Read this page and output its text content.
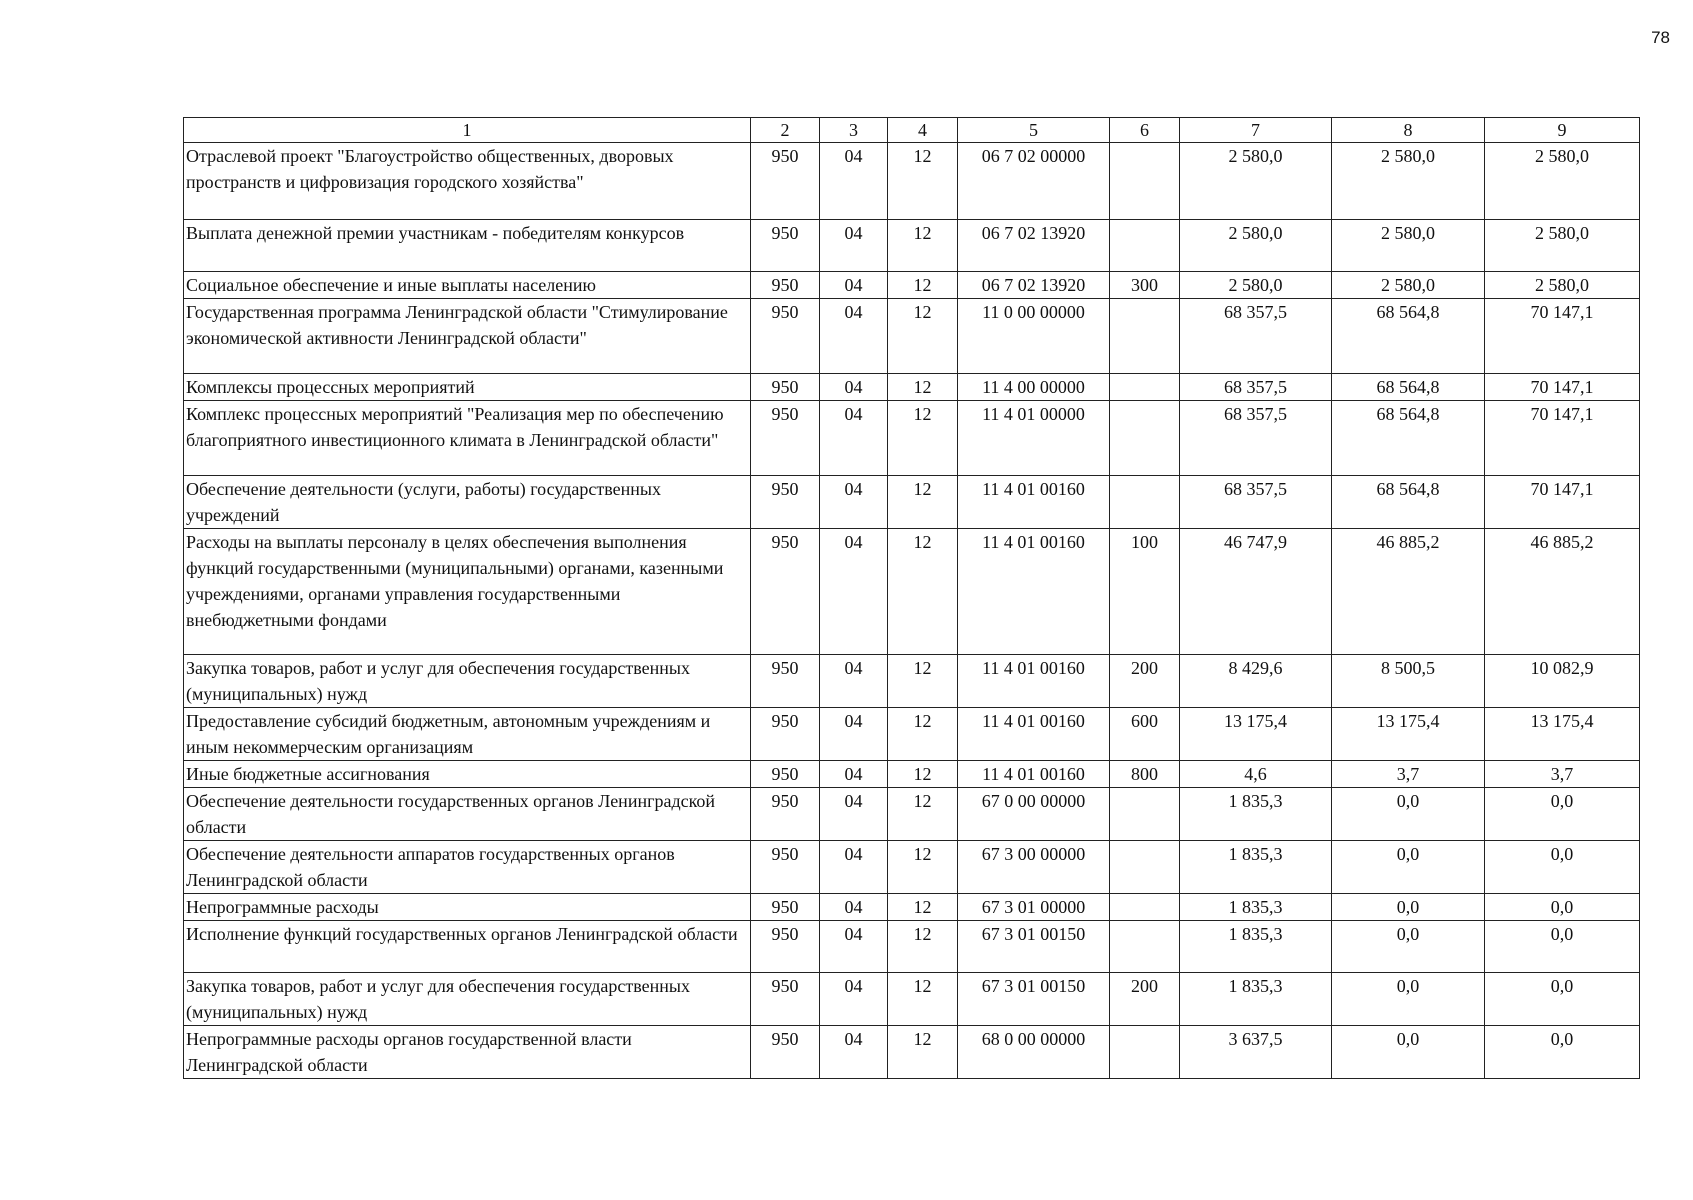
78
1	2	3	4	5	6	7	8	9
Отраслевой проект "Благоустройство общественных, дворовых пространств и цифровизация городского хозяйства"	950	04	12	06 7 02 00000		2 580,0	2 580,0	2 580,0
Выплата денежной премии участникам - победителям конкурсов	950	04	12	06 7 02 13920		2 580,0	2 580,0	2 580,0
Социальное обеспечение и иные выплаты населению	950	04	12	06 7 02 13920	300	2 580,0	2 580,0	2 580,0
Государственная программа Ленинградской области "Стимулирование экономической активности Ленинградской области"	950	04	12	11 0 00 00000		68 357,5	68 564,8	70 147,1
Комплексы процессных мероприятий	950	04	12	11 4 00 00000		68 357,5	68 564,8	70 147,1
Комплекс процессных мероприятий "Реализация мер по обеспечению благоприятного инвестиционного климата в Ленинградской области"	950	04	12	11 4 01 00000		68 357,5	68 564,8	70 147,1
Обеспечение деятельности (услуги, работы) государственных учреждений	950	04	12	11 4 01 00160		68 357,5	68 564,8	70 147,1
Расходы на выплаты персоналу в целях обеспечения выполнения функций государственными (муниципальными) органами, казенными учреждениями, органами управления государственными внебюджетными фондами	950	04	12	11 4 01 00160	100	46 747,9	46 885,2	46 885,2
Закупка товаров, работ и услуг для обеспечения государственных (муниципальных) нужд	950	04	12	11 4 01 00160	200	8 429,6	8 500,5	10 082,9
Предоставление субсидий бюджетным, автономным учреждениям и иным некоммерческим организациям	950	04	12	11 4 01 00160	600	13 175,4	13 175,4	13 175,4
Иные бюджетные ассигнования	950	04	12	11 4 01 00160	800	4,6	3,7	3,7
Обеспечение деятельности государственных органов Ленинградской области	950	04	12	67 0 00 00000		1 835,3	0,0	0,0
Обеспечение деятельности аппаратов государственных органов Ленинградской области	950	04	12	67 3 00 00000		1 835,3	0,0	0,0
Непрограммные расходы	950	04	12	67 3 01 00000		1 835,3	0,0	0,0
Исполнение функций государственных органов Ленинградской области	950	04	12	67 3 01 00150		1 835,3	0,0	0,0
Закупка товаров, работ и услуг для обеспечения государственных (муниципальных) нужд	950	04	12	67 3 01 00150	200	1 835,3	0,0	0,0
Непрограммные расходы органов государственной власти Ленинградской области	950	04	12	68 0 00 00000		3 637,5	0,0	0,0
